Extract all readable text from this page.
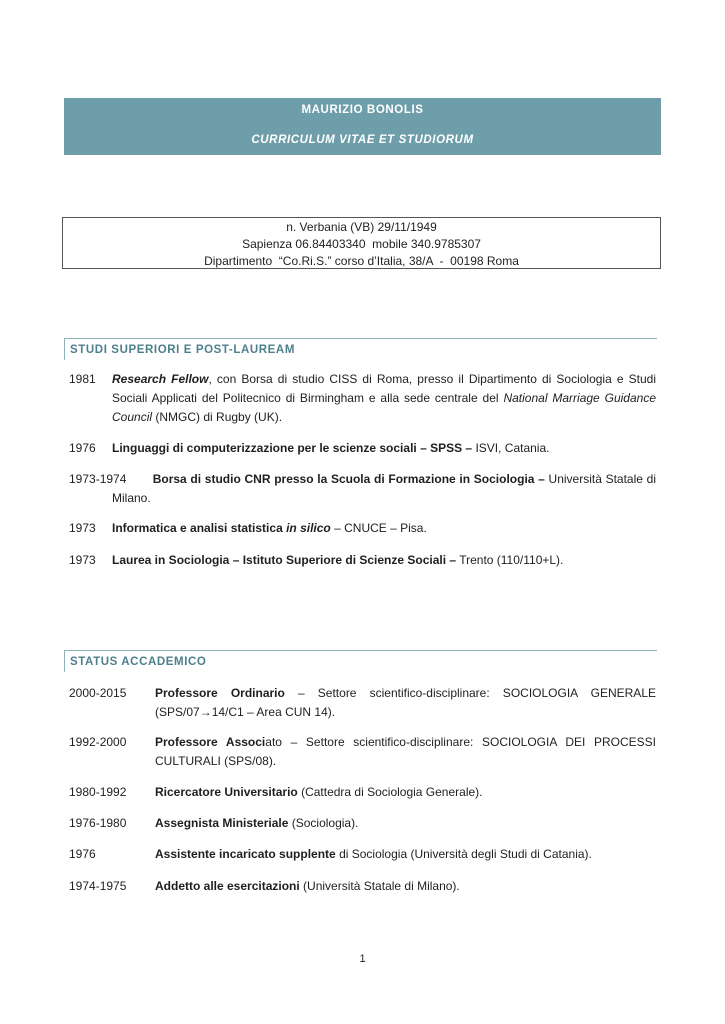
MAURIZIO BONOLIS
CURRICULUM VITAE ET STUDIORUM
n. Verbania (VB) 29/11/1949
Sapienza 06.84403340  mobile 340.9785307
Dipartimento  “Co.Ri.S.” corso d’Italia, 38/A  -  00198 Roma
STUDI SUPERIORI E POST-LAUREAM
1981 Research Fellow, con Borsa di studio CISS di Roma, presso il Dipartimento di Sociologia e Studi Sociali Applicati del Politecnico di Birmingham e alla sede centrale del National Marriage Guidance Council (NMGC) di Rugby (UK).
1976 Linguaggi di computerizzazione per le scienze sociali – SPSS – ISVI, Catania.
1973-1974	Borsa di studio CNR presso la Scuola di Formazione in Sociologia – Università Statale di Milano.
1973 Informatica e analisi statistica in silico – CNUCE – Pisa.
1973 Laurea in Sociologia – Istituto Superiore di Scienze Sociali – Trento (110/110+L).
STATUS ACCADEMICO
2000-2015 Professore Ordinario – Settore scientifico-disciplinare: SOCIOLOGIA GENERALE (SPS/07→14/C1 – Area CUN 14).
1992-2000 Professore Associato – Settore scientifico-disciplinare: SOCIOLOGIA DEI PROCESSI CULTURALI (SPS/08).
1980-1992 Ricercatore Universitario (Cattedra di Sociologia Generale).
1976-1980 Assegnista Ministeriale (Sociologia).
1976	Assistente incaricato supplente di Sociologia (Università degli Studi di Catania).
1974-1975 Addetto alle esercitazioni (Università Statale di Milano).
1
